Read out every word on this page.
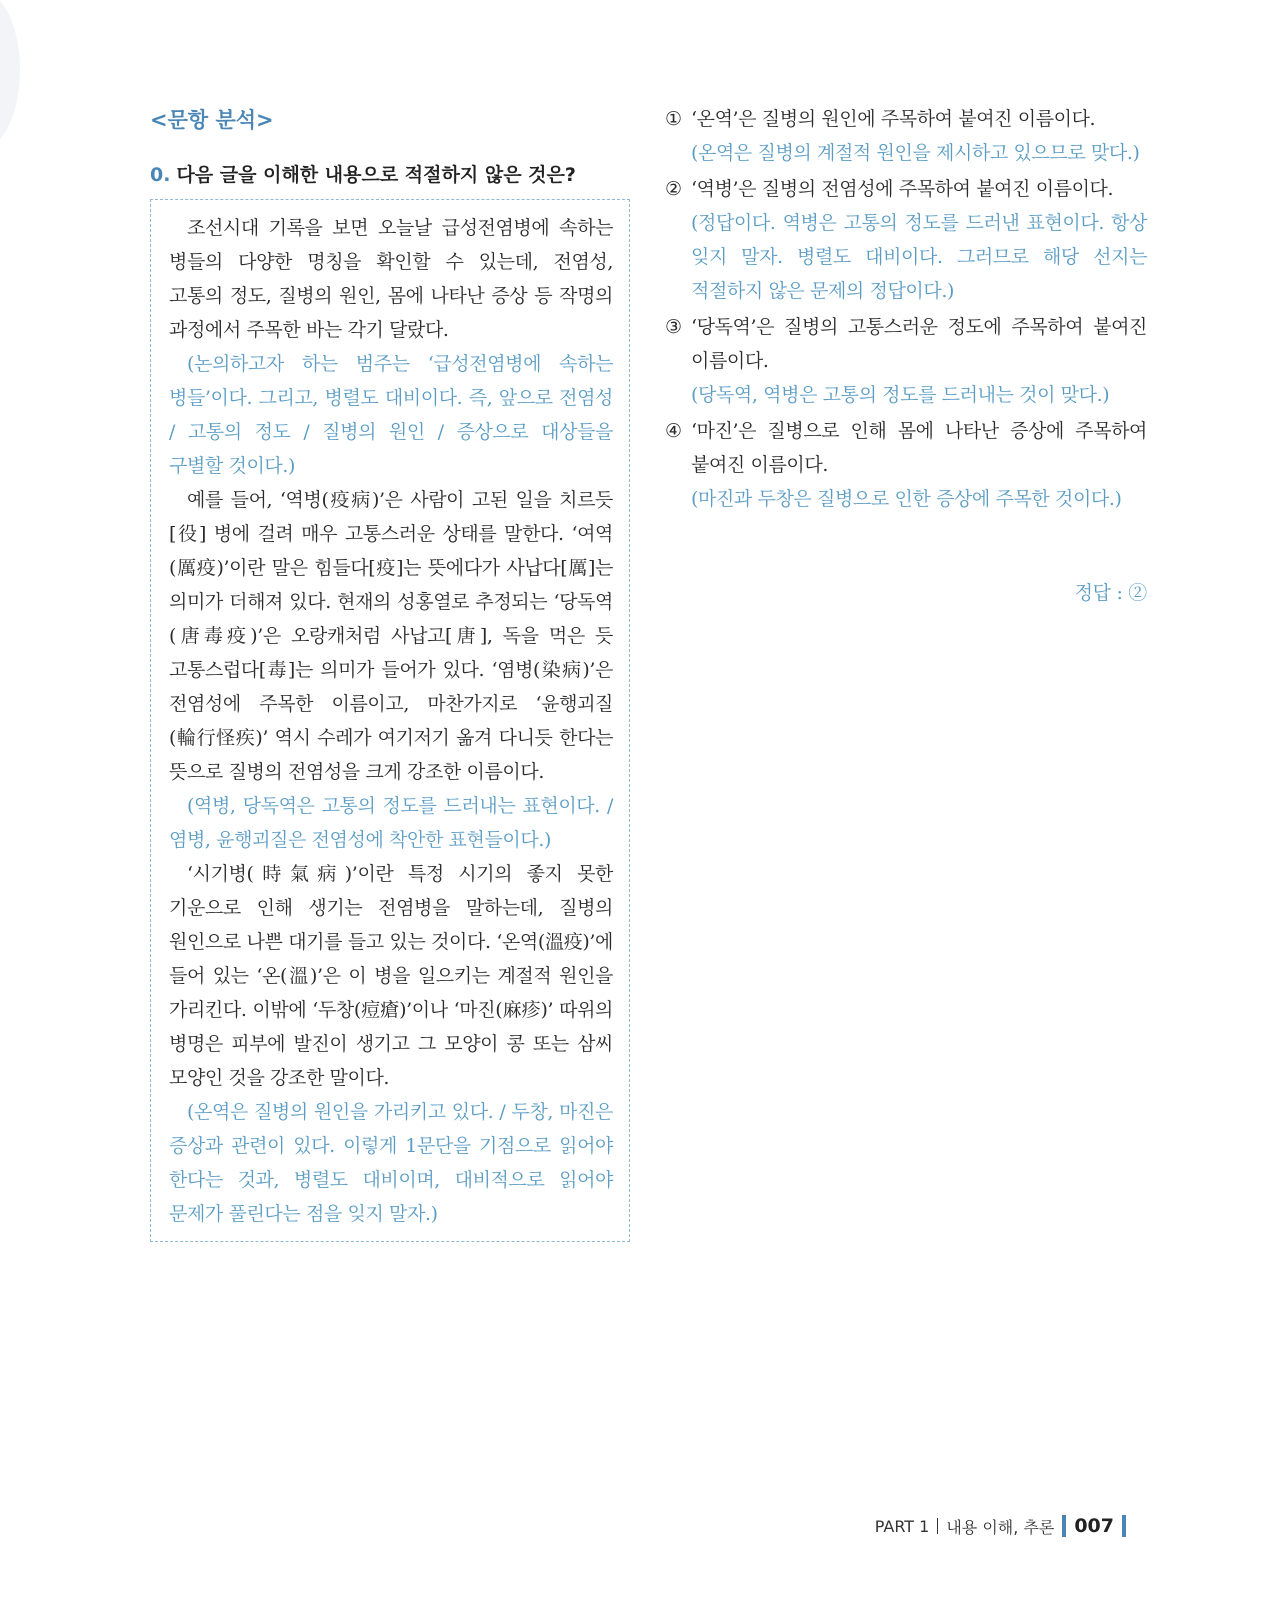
<문항 분석>
0. 다음 글을 이해한 내용으로 적절하지 않은 것은?

조선시대 기록을 보면 오늘날 급성전염병에 속하는 병들의 다양한 명칭을 확인할 수 있는데, 전염성, 고통의 정도, 질병의 원인, 몸에 나타난 증상 등 작명의 과정에서 주목한 바는 각기 달랐다.

(논의하고자 하는 범주는 ‘급성전염병에 속하는 병들’이다. 그리고, 병렬도 대비이다. 즉, 앞으로 전염성 / 고통의 정도 / 질병의 원인 / 증상으로 대상들을 구별할 것이다.)

예를 들어, ‘역병(疫病)’은 사람이 고된 일을 치르듯[役] 병에 걸려 매우 고통스러운 상태를 말한다. ‘여역(厲疫)’이란 말은 힘들다[疫]는 뜻에다가 사납다[厲]는 의미가 더해져 있다. 현재의 성홍열로 추정되는 ‘당독역(唐毒疫)’은 오랑캐처럼 사납고[唐], 독을 먹은 듯 고통스럽다[毒]는 의미가 들어가 있다. ‘염병(染病)’은 전염성에 주목한 이름이고, 마찬가지로 ‘윤행괴질(輪行怪疾)’ 역시 수레가 여기저기 옮겨 다니듯 한다는 뜻으로 질병의 전염성을 크게 강조한 이름이다.

(역병, 당독역은 고통의 정도를 드러내는 표현이다. / 염병, 윤행괴질은 전염성에 착안한 표현들이다.)

‘시기병(時氣病)’이란 특정 시기의 좋지 못한 기운으로 인해 생기는 전염병을 말하는데, 질병의 원인으로 나쁜 대기를 들고 있는 것이다. ‘온역(溫疫)’에 들어 있는 ‘온(溫)’은 이 병을 일으키는 계절적 원인을 가리킨다. 이밖에 ‘두창(痘瘡)’이나 ‘마진(麻疹)’ 따위의 병명은 피부에 발진이 생기고 그 모양이 콩 또는 삼씨 모양인 것을 강조한 말이다.

(온역은 질병의 원인을 가리키고 있다. / 두창, 마진은 증상과 관련이 있다. 이렇게 1문단을 기점으로 읽어야 한다는 것과, 병렬도 대비이며, 대비적으로 읽어야 문제가 풀린다는 점을 잊지 말자.)

① ‘온역’은 질병의 원인에 주목하여 붙여진 이름이다.

(온역은 질병의 계절적 원인을 제시하고 있으므로 맞다.)

② ‘역병’은 질병의 전염성에 주목하여 붙여진 이름이다.

(정답이다. 역병은 고통의 정도를 드러낸 표현이다. 항상 잊지 말자. 병렬도 대비이다. 그러므로 해당 선지는 적절하지 않은 문제의 정답이다.)

③ ‘당독역’은 질병의 고통스러운 정도에 주목하여 붙여진 이름이다.

(당독역, 역병은 고통의 정도를 드러내는 것이 맞다.)

④ ‘마진’은 질병으로 인해 몸에 나타난 증상에 주목하여 붙여진 이름이다.

(마진과 두창은 질병으로 인한 증상에 주목한 것이다.)

정답 : ②
PART 1 내용 이해, 추론 007
